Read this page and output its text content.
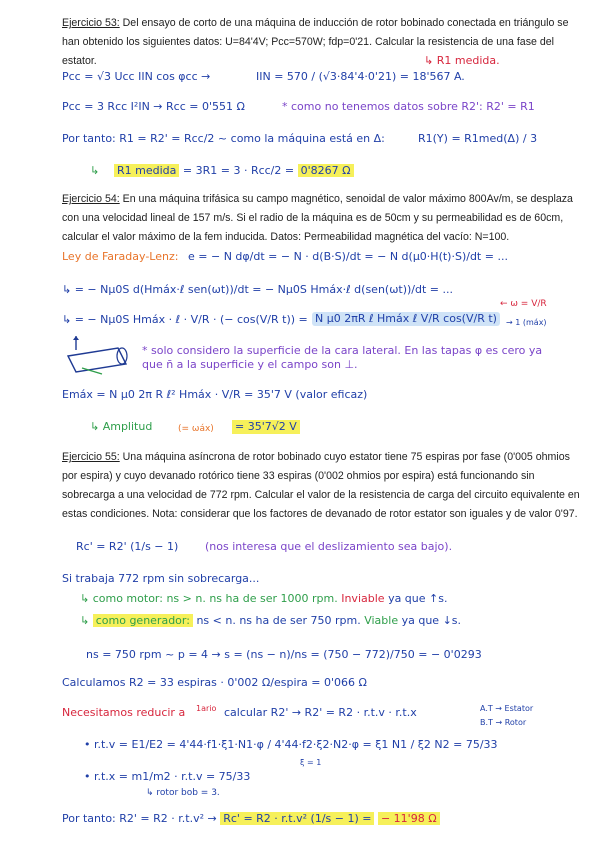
Ejercicio 53: Del ensayo de corto de una máquina de inducción de rotor bobinado conectada en triángulo se han obtenido los siguientes datos: U=84'4V; Pcc=570W; fdp=0'21. Calcular la resistencia de una fase del estator.	↳ R1 medida.
Pcc = √3 Ucc IIN cos φcc →	IIN = 570 / (√3·84'4·0'21) = 18'567 A.
Pcc = 3 Rcc I²IN → Rcc = 0'551 Ω	* como no tenemos datos sobre R2': R2' = R1
Por tanto: R1 = R2' = Rcc/2 ~ como la máquina está en Δ:	R1(Y) = R1med(Δ) / 3
↳ R1 medida = 3R1 = 3 · Rcc/2 = 0'8267 Ω

Ejercicio 54: En una máquina trifásica su campo magnético, senoidal de valor máximo 800Av/m, se desplaza con una velocidad lineal de 157 m/s. Si el radio de la máquina es de 50cm y su permeabilidad es de 60cm, calcular el valor máximo de la fem inducida. Datos: Permeabilidad magnética del vacío: N=100.

Ley de Faraday-Lenz: e = − N dφ/dt = − N · d(B·S)/dt = − N d(μ0·H(t)·S)/dt = ...
↳ = − Nμ0S d(Hmáx·ℓ sen(ωt))/dt = − Nμ0S Hmáx·ℓ d(sen(ωt))/dt = ...
← ω = V/R
↳ = − Nμ0S Hmáx · ℓ · V/R · (− cos(V/R t)) = N μ0 2πR ℓ Hmáx ℓ V/R cos(V/R t)	→ 1 (máx)
* solo considero la superficie de la cara lateral. En las tapas φ es cero ya que n̄ a la superficie y el campo son ⊥.
Emáx = N μ0 2π R ℓ² Hmáx · V/R = 35'7 V (valor eficaz)
↳ Amplitud	(= ωáx) = 35'7√2 V

Ejercicio 55: Una máquina asíncrona de rotor bobinado cuyo estator tiene 75 espiras por fase (0'005 ohmios por espira) y cuyo devanado rotórico tiene 33 espiras (0'002 ohmios por espira) está funcionando sin sobrecarga a una velocidad de 772 rpm. Calcular el valor de la resistencia de carga del circuito equivalente en estas condiciones. Nota: considerar que los factores de devanado de rotor estator son iguales y de valor 0'97.

Rc' = R2' (1/s − 1) (nos interesa que el deslizamiento sea bajo).
Si trabaja 772 rpm sin sobrecarga...
↳ como motor: ns > n. ns ha de ser 1000 rpm. Inviable ya que ↑s.
↳ como generador: ns < n. ns ha de ser 750 rpm. Viable ya que ↓s.
ns = 750 rpm ~ p = 4 → s = (ns − n)/ns = (750 − 772)/750 = − 0'0293
Calculamos R2 = 33 espiras · 0'002 Ω/espira = 0'066 Ω
Necesitamos reducir a 1ario calcular R2' → R2' = R2 · r.t.v · r.t.x	A.T → Estator
B.T → Rotor
• r.t.v = E1/E2 = 4'44·f1·ξ1·N1·φ / 4'44·f2·ξ2·N2·φ = ξ1 N1 / ξ2 N2 = 75/33
ξ = 1
• r.t.x = m1/m2 · r.t.v = 75/33
↳ rotor bob = 3.
Por tanto: R2' = R2 · r.t.v² → Rc' = R2 · r.t.v² (1/s − 1) = − 11'98 Ω
